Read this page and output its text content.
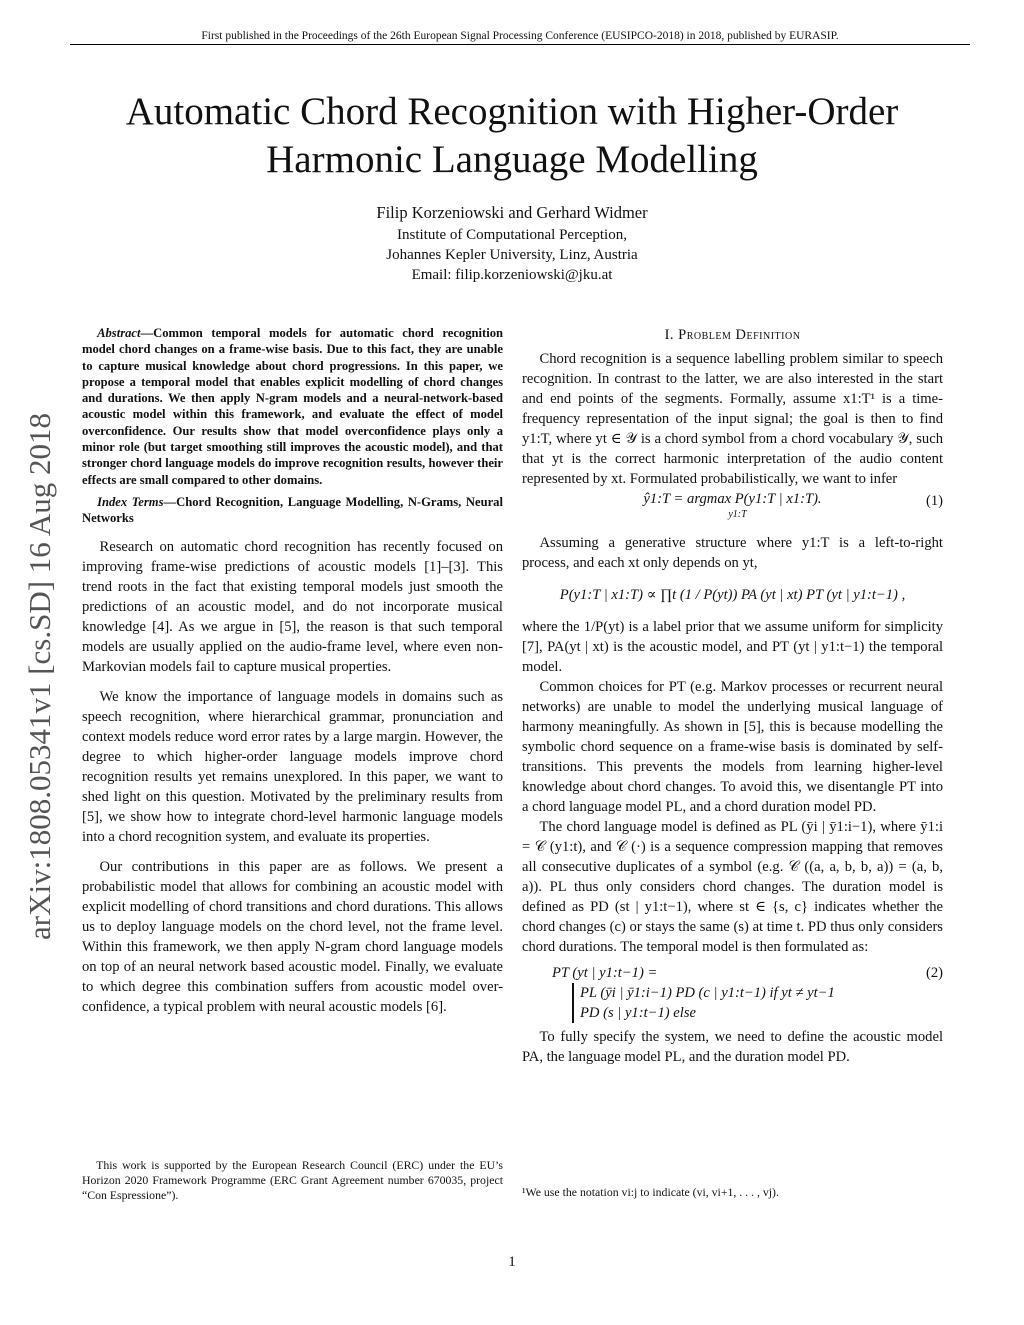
First published in the Proceedings of the 26th European Signal Processing Conference (EUSIPCO-2018) in 2018, published by EURASIP.
Automatic Chord Recognition with Higher-Order
Harmonic Language Modelling
Filip Korzeniowski and Gerhard Widmer
Institute of Computational Perception,
Johannes Kepler University, Linz, Austria
Email: filip.korzeniowski@jku.at
arXiv:1808.05341v1 [cs.SD] 16 Aug 2018
Abstract—Common temporal models for automatic chord recognition model chord changes on a frame-wise basis. Due to this fact, they are unable to capture musical knowledge about chord progressions. In this paper, we propose a temporal model that enables explicit modelling of chord changes and durations. We then apply N-gram models and a neural-network-based acoustic model within this framework, and evaluate the effect of model overconfidence. Our results show that model overconfidence plays only a minor role (but target smoothing still improves the acoustic model), and that stronger chord language models do improve recognition results, however their effects are small compared to other domains.
Index Terms—Chord Recognition, Language Modelling, N-Grams, Neural Networks

Research on automatic chord recognition has recently focused on improving frame-wise predictions of acoustic models [1]–[3]. This trend roots in the fact that existing temporal models just smooth the predictions of an acoustic model, and do not incorporate musical knowledge [4]. As we argue in [5], the reason is that such temporal models are usually applied on the audio-frame level, where even non-Markovian models fail to capture musical properties.

We know the importance of language models in domains such as speech recognition, where hierarchical grammar, pronunciation and context models reduce word error rates by a large margin. However, the degree to which higher-order language models improve chord recognition results yet remains unexplored. In this paper, we want to shed light on this question. Motivated by the preliminary results from [5], we show how to integrate chord-level harmonic language models into a chord recognition system, and evaluate its properties.

Our contributions in this paper are as follows. We present a probabilistic model that allows for combining an acoustic model with explicit modelling of chord transitions and chord durations. This allows us to deploy language models on the chord level, not the frame level. Within this framework, we then apply N-gram chord language models on top of an neural network based acoustic model. Finally, we evaluate to which degree this combination suffers from acoustic model over-confidence, a typical problem with neural acoustic models [6].

This work is supported by the European Research Council (ERC) under the EU’s Horizon 2020 Framework Programme (ERC Grant Agreement number 670035, project “Con Espressione”).

I. Problem Definition

Chord recognition is a sequence labelling problem similar to speech recognition. In contrast to the latter, we are also interested in the start and end points of the segments. Formally, assume x1:T¹ is a time-frequency representation of the input signal; the goal is then to find y1:T, where yt ∈ 𝒴 is a chord symbol from a chord vocabulary 𝒴, such that yt is the correct harmonic interpretation of the audio content represented by xt. Formulated probabilistically, we want to infer

ŷ1:T = argmax P(y1:T | x1:T).
y1:T
(1)

Assuming a generative structure where y1:T is a left-to-right process, and each xt only depends on yt,

P(y1:T | x1:T) ∝ ∏t (1 / P(yt)) PA (yt | xt) PT (yt | y1:t−1) ,

where the 1/P(yt) is a label prior that we assume uniform for simplicity [7], PA(yt | xt) is the acoustic model, and PT (yt | y1:t−1) the temporal model.

Common choices for PT (e.g. Markov processes or recurrent neural networks) are unable to model the underlying musical language of harmony meaningfully. As shown in [5], this is because modelling the symbolic chord sequence on a frame-wise basis is dominated by self-transitions. This prevents the models from learning higher-level knowledge about chord changes. To avoid this, we disentangle PT into a chord language model PL, and a chord duration model PD.

The chord language model is defined as PL (ȳi | ȳ1:i−1), where ȳ1:i = 𝒞 (y1:t), and 𝒞 (·) is a sequence compression mapping that removes all consecutive duplicates of a symbol (e.g. 𝒞 ((a, a, b, b, a)) = (a, b, a)). PL thus only considers chord changes. The duration model is defined as PD (st | y1:t−1), where st ∈ {s, c} indicates whether the chord changes (c) or stays the same (s) at time t. PD thus only considers chord durations. The temporal model is then formulated as:

PT (yt | y1:t−1) =	(2)
PL (ȳi | ȳ1:i−1) PD (c | y1:t−1) if yt ≠ yt−1
PD (s | y1:t−1) else

To fully specify the system, we need to define the acoustic model PA, the language model PL, and the duration model PD.

¹We use the notation vi:j to indicate (vi, vi+1, . . . , vj).
1
